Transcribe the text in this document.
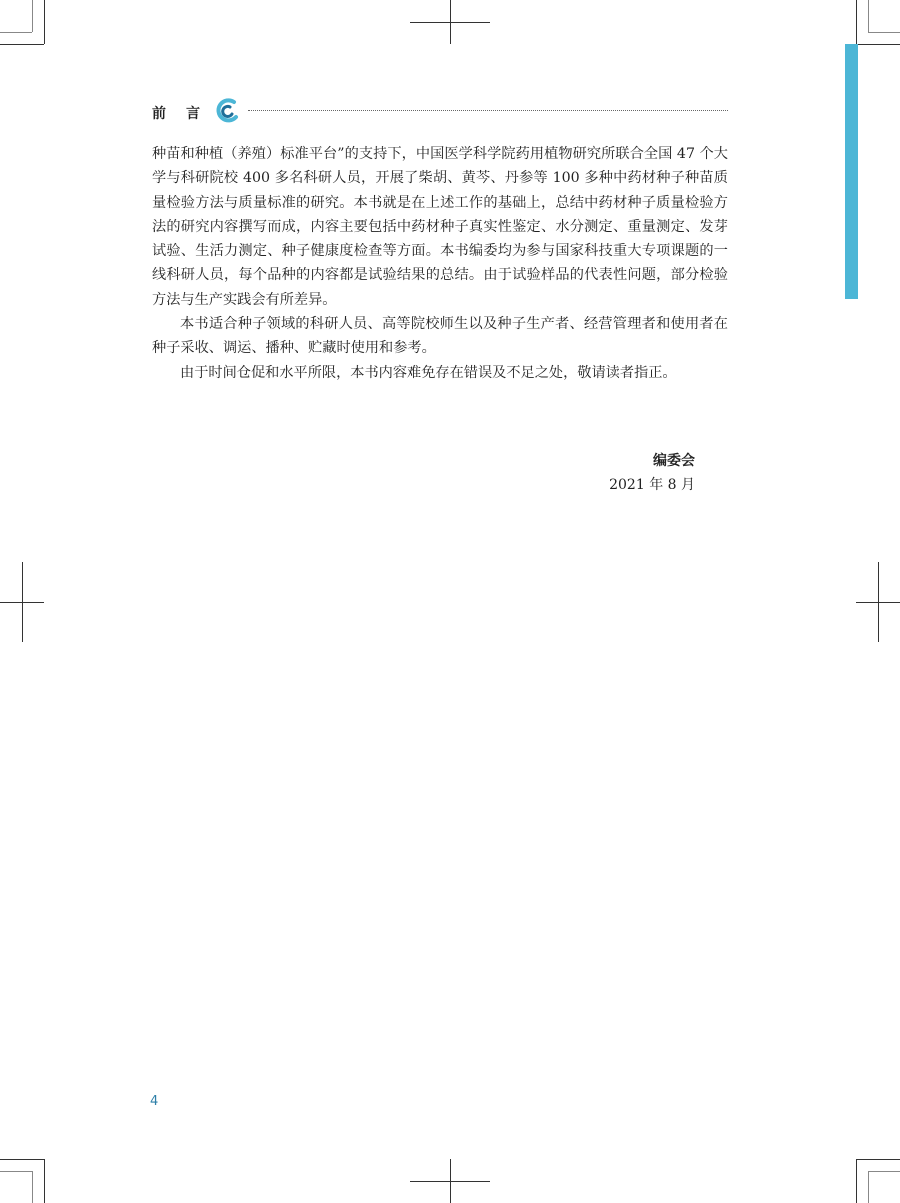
前言

种苗和种植（养殖）标准平台”的支持下，中国医学科学院药用植物研究所联合全国 47 个大学与科研院校 400 多名科研人员，开展了柴胡、黄芩、丹参等 100 多种中药材种子种苗质量检验方法与质量标准的研究。本书就是在上述工作的基础上，总结中药材种子质量检验方法的研究内容撰写而成，内容主要包括中药材种子真实性鉴定、水分测定、重量测定、发芽试验、生活力测定、种子健康度检查等方面。本书编委均为参与国家科技重大专项课题的一线科研人员，每个品种的内容都是试验结果的总结。由于试验样品的代表性问题，部分检验方法与生产实践会有所差异。

本书适合种子领域的科研人员、高等院校师生以及种子生产者、经营管理者和使用者在种子采收、调运、播种、贮藏时使用和参考。

由于时间仓促和水平所限，本书内容难免存在错误及不足之处，敬请读者指正。

编委会
2021 年 8 月
4
